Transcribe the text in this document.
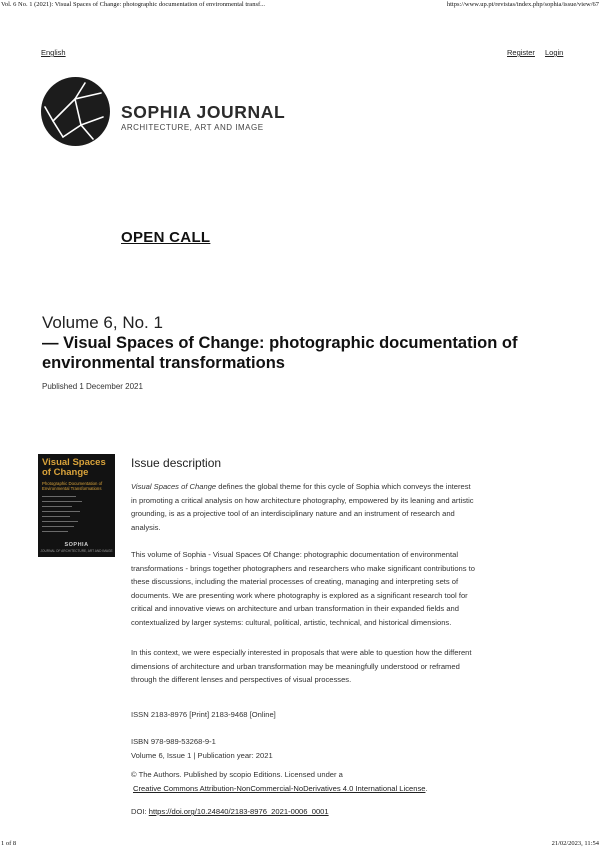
Vol. 6 No. 1 (2021): Visual Spaces of Change: photographic documentation of environmental transf...	https://www.up.pt/revistas/index.php/sophia/issue/view/67
English	Register Login
SOPHIA JOURNAL
ARCHITECTURE, ART AND IMAGE
OPEN CALL
Volume 6, No. 1
— Visual Spaces of Change: photographic documentation of environmental transformations
Published 1 December 2021
Visual Spaces
of Change
Photographic Documentation of Environmental Transformations
SOPHIA
JOURNAL OF ARCHITECTURE, ART AND IMAGE
Issue description
Visual Spaces of Change defines the global theme for this cycle of Sophia which conveys the interest in promoting a critical analysis on how architecture photography, empowered by its leaning and artistic grounding, is as a projective tool of an interdisciplinary nature and an instrument of research and analysis.
This volume of Sophia - Visual Spaces Of Change: photographic documentation of environmental transformations - brings together photographers and researchers who make significant contributions to these discussions, including the material processes of creating, managing and interpreting sets of documents. We are presenting work where photography is explored as a significant research tool for critical and innovative views on architecture and urban transformation in their expanded fields and contextualized by larger systems: cultural, political, artistic, technical, and historical dimensions.
In this context, we were especially interested in proposals that were able to question how the different dimensions of architecture and urban transformation may be meaningfully understood or reframed through the different lenses and perspectives of visual processes.
ISSN 2183-8976 [Print] 2183-9468 [Online]
ISBN 978-989-53268-9-1
Volume 6, Issue 1 | Publication year: 2021
© The Authors. Published by scopio Editions. Licensed under a
Creative Commons Attribution-NonCommercial-NoDerivatives 4.0 International License.
DOI: https://doi.org/10.24840/2183-8976_2021-0006_0001
1 of 8	21/02/2023, 11:54
